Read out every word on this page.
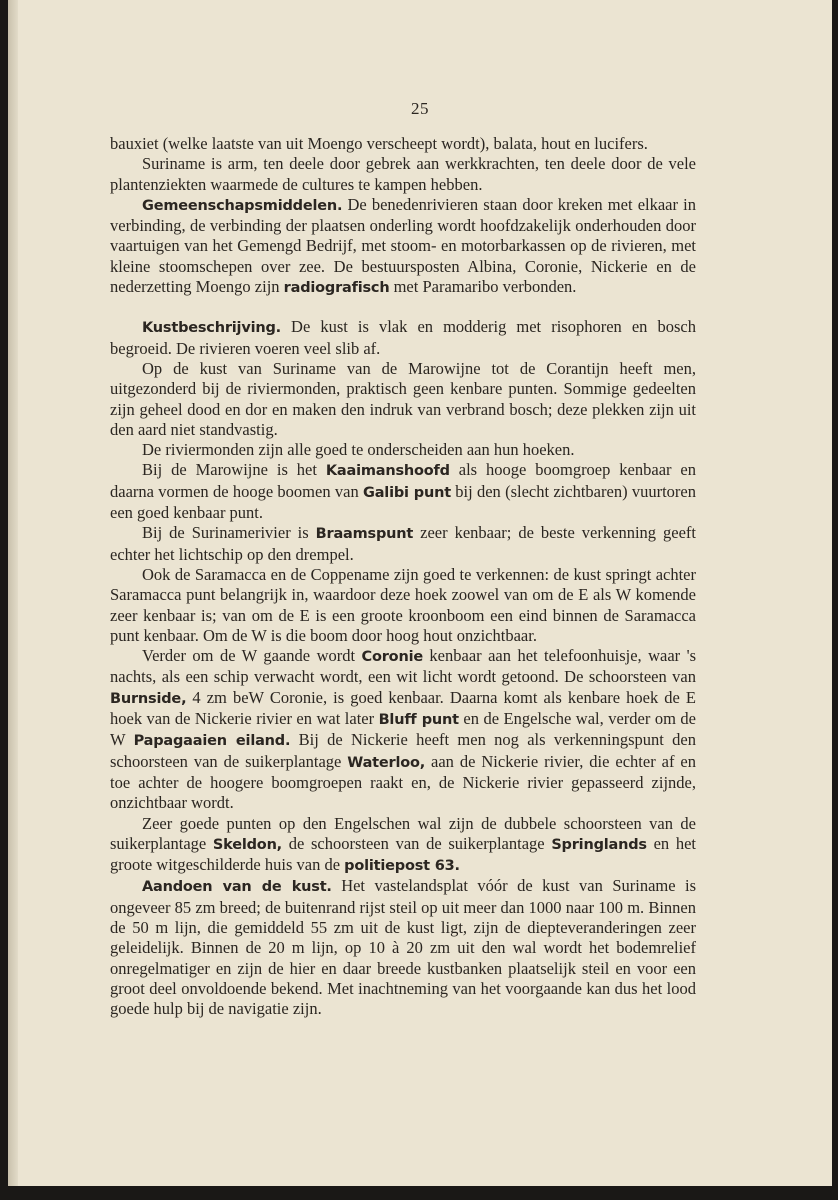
25

bauxiet (welke laatste van uit Moengo verscheept wordt), balata, hout en lucifers.

Suriname is arm, ten deele door gebrek aan werkkrachten, ten deele door de vele plantenziekten waarmede de cultures te kampen hebben.

Gemeenschapsmiddelen. De benedenrivieren staan door kreken met elkaar in verbinding, de verbinding der plaatsen onderling wordt hoofdzakelijk onderhouden door vaartuigen van het Gemengd Bedrijf, met stoom- en motorbarkassen op de rivieren, met kleine stoomschepen over zee. De bestuursposten Albina, Coronie, Nickerie en de nederzetting Moengo zijn radiografisch met Paramaribo verbonden.

Kustbeschrijving. De kust is vlak en modderig met risophoren en bosch begroeid. De rivieren voeren veel slib af.

Op de kust van Suriname van de Marowijne tot de Corantijn heeft men, uitgezonderd bij de riviermonden, praktisch geen kenbare punten. Sommige gedeelten zijn geheel dood en dor en maken den indruk van verbrand bosch; deze plekken zijn uit den aard niet standvastig.

De riviermonden zijn alle goed te onderscheiden aan hun hoeken.

Bij de Marowijne is het Kaaimanshoofd als hooge boomgroep kenbaar en daarna vormen de hooge boomen van Galibi punt bij den (slecht zichtbaren) vuurtoren een goed kenbaar punt.

Bij de Surinamerivier is Braamspunt zeer kenbaar; de beste verkenning geeft echter het lichtschip op den drempel.

Ook de Saramacca en de Coppename zijn goed te verkennen: de kust springt achter Saramacca punt belangrijk in, waardoor deze hoek zoowel van om de E als W komende zeer kenbaar is; van om de E is een groote kroonboom een eind binnen de Saramacca punt kenbaar. Om de W is die boom door hoog hout onzichtbaar.

Verder om de W gaande wordt Coronie kenbaar aan het telefoonhuisje, waar 's nachts, als een schip verwacht wordt, een wit licht wordt getoond. De schoorsteen van Burnside, 4 zm beW Coronie, is goed kenbaar. Daarna komt als kenbare hoek de E hoek van de Nickerie rivier en wat later Bluff punt en de Engelsche wal, verder om de W Papagaaien eiland. Bij de Nickerie heeft men nog als verkenningspunt den schoorsteen van de suikerplantage Waterloo, aan de Nickerie rivier, die echter af en toe achter de hoogere boomgroepen raakt en, de Nickerie rivier gepasseerd zijnde, onzichtbaar wordt.

Zeer goede punten op den Engelschen wal zijn de dubbele schoorsteen van de suikerplantage Skeldon, de schoorsteen van de suikerplantage Springlands en het groote witgeschilderde huis van de politiepost 63.

Aandoen van de kust. Het vastelandsplat vóór de kust van Suriname is ongeveer 85 zm breed; de buitenrand rijst steil op uit meer dan 1000 naar 100 m. Binnen de 50 m lijn, die gemiddeld 55 zm uit de kust ligt, zijn de diepteveranderingen zeer geleidelijk. Binnen de 20 m lijn, op 10 à 20 zm uit den wal wordt het bodemrelief onregelmatiger en zijn de hier en daar breede kustbanken plaatselijk steil en voor een groot deel onvoldoende bekend. Met inachtneming van het voorgaande kan dus het lood goede hulp bij de navigatie zijn.
